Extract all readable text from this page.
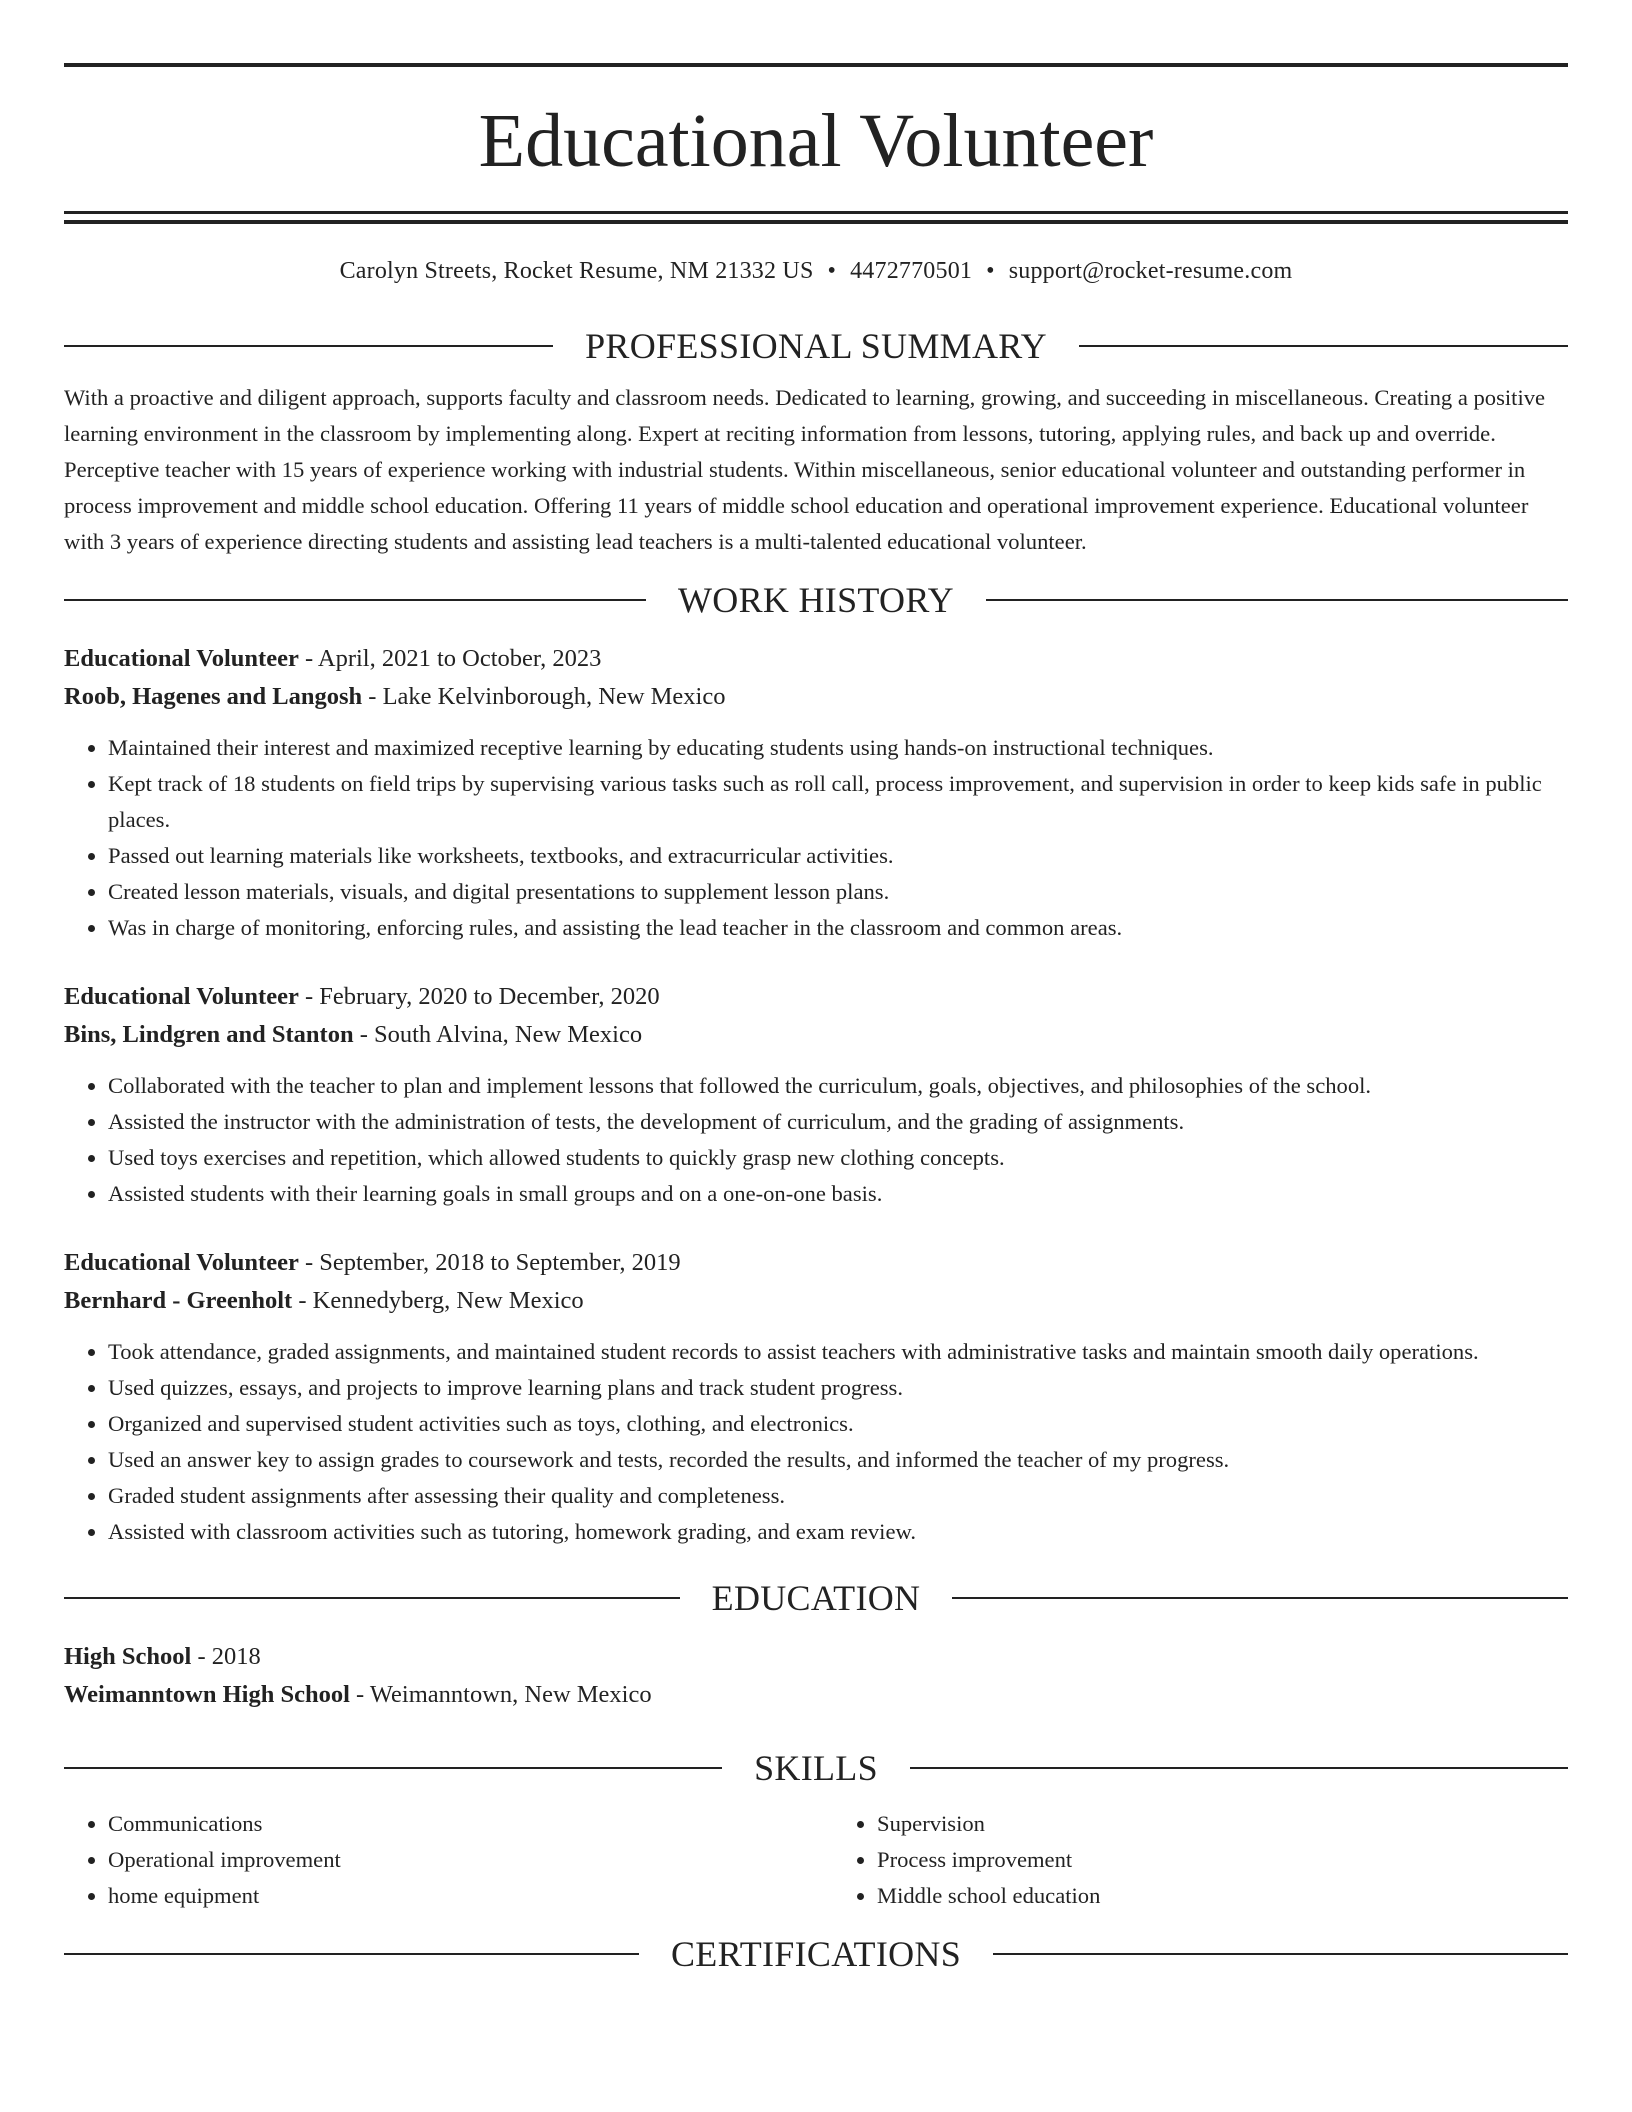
Educational Volunteer
Carolyn Streets, Rocket Resume, NM 21332 US • 4472770501 • support@rocket-resume.com
PROFESSIONAL SUMMARY

With a proactive and diligent approach, supports faculty and classroom needs. Dedicated to learning, growing, and succeeding in miscellaneous. Creating a positive learning environment in the classroom by implementing along. Expert at reciting information from lessons, tutoring, applying rules, and back up and override. Perceptive teacher with 15 years of experience working with industrial students. Within miscellaneous, senior educational volunteer and outstanding performer in process improvement and middle school education. Offering 11 years of middle school education and operational improvement experience. Educational volunteer with 3 years of experience directing students and assisting lead teachers is a multi-talented educational volunteer.

WORK HISTORY
Educational Volunteer - April, 2021 to October, 2023
Roob, Hagenes and Langosh - Lake Kelvinborough, New Mexico
• Maintained their interest and maximized receptive learning by educating students using hands-on instructional techniques.
• Kept track of 18 students on field trips by supervising various tasks such as roll call, process improvement, and supervision in order to keep kids safe in public places.
• Passed out learning materials like worksheets, textbooks, and extracurricular activities.
• Created lesson materials, visuals, and digital presentations to supplement lesson plans.
• Was in charge of monitoring, enforcing rules, and assisting the lead teacher in the classroom and common areas.
Educational Volunteer - February, 2020 to December, 2020
Bins, Lindgren and Stanton - South Alvina, New Mexico
• Collaborated with the teacher to plan and implement lessons that followed the curriculum, goals, objectives, and philosophies of the school.
• Assisted the instructor with the administration of tests, the development of curriculum, and the grading of assignments.
• Used toys exercises and repetition, which allowed students to quickly grasp new clothing concepts.
• Assisted students with their learning goals in small groups and on a one-on-one basis.
Educational Volunteer - September, 2018 to September, 2019
Bernhard - Greenholt - Kennedyberg, New Mexico
• Took attendance, graded assignments, and maintained student records to assist teachers with administrative tasks and maintain smooth daily operations.
• Used quizzes, essays, and projects to improve learning plans and track student progress.
• Organized and supervised student activities such as toys, clothing, and electronics.
• Used an answer key to assign grades to coursework and tests, recorded the results, and informed the teacher of my progress.
• Graded student assignments after assessing their quality and completeness.
• Assisted with classroom activities such as tutoring, homework grading, and exam review.
EDUCATION
High School - 2018
Weimanntown High School - Weimanntown, New Mexico
SKILLS
• Communications
• Operational improvement
• home equipment
• Supervision
• Process improvement
• Middle school education
CERTIFICATIONS
